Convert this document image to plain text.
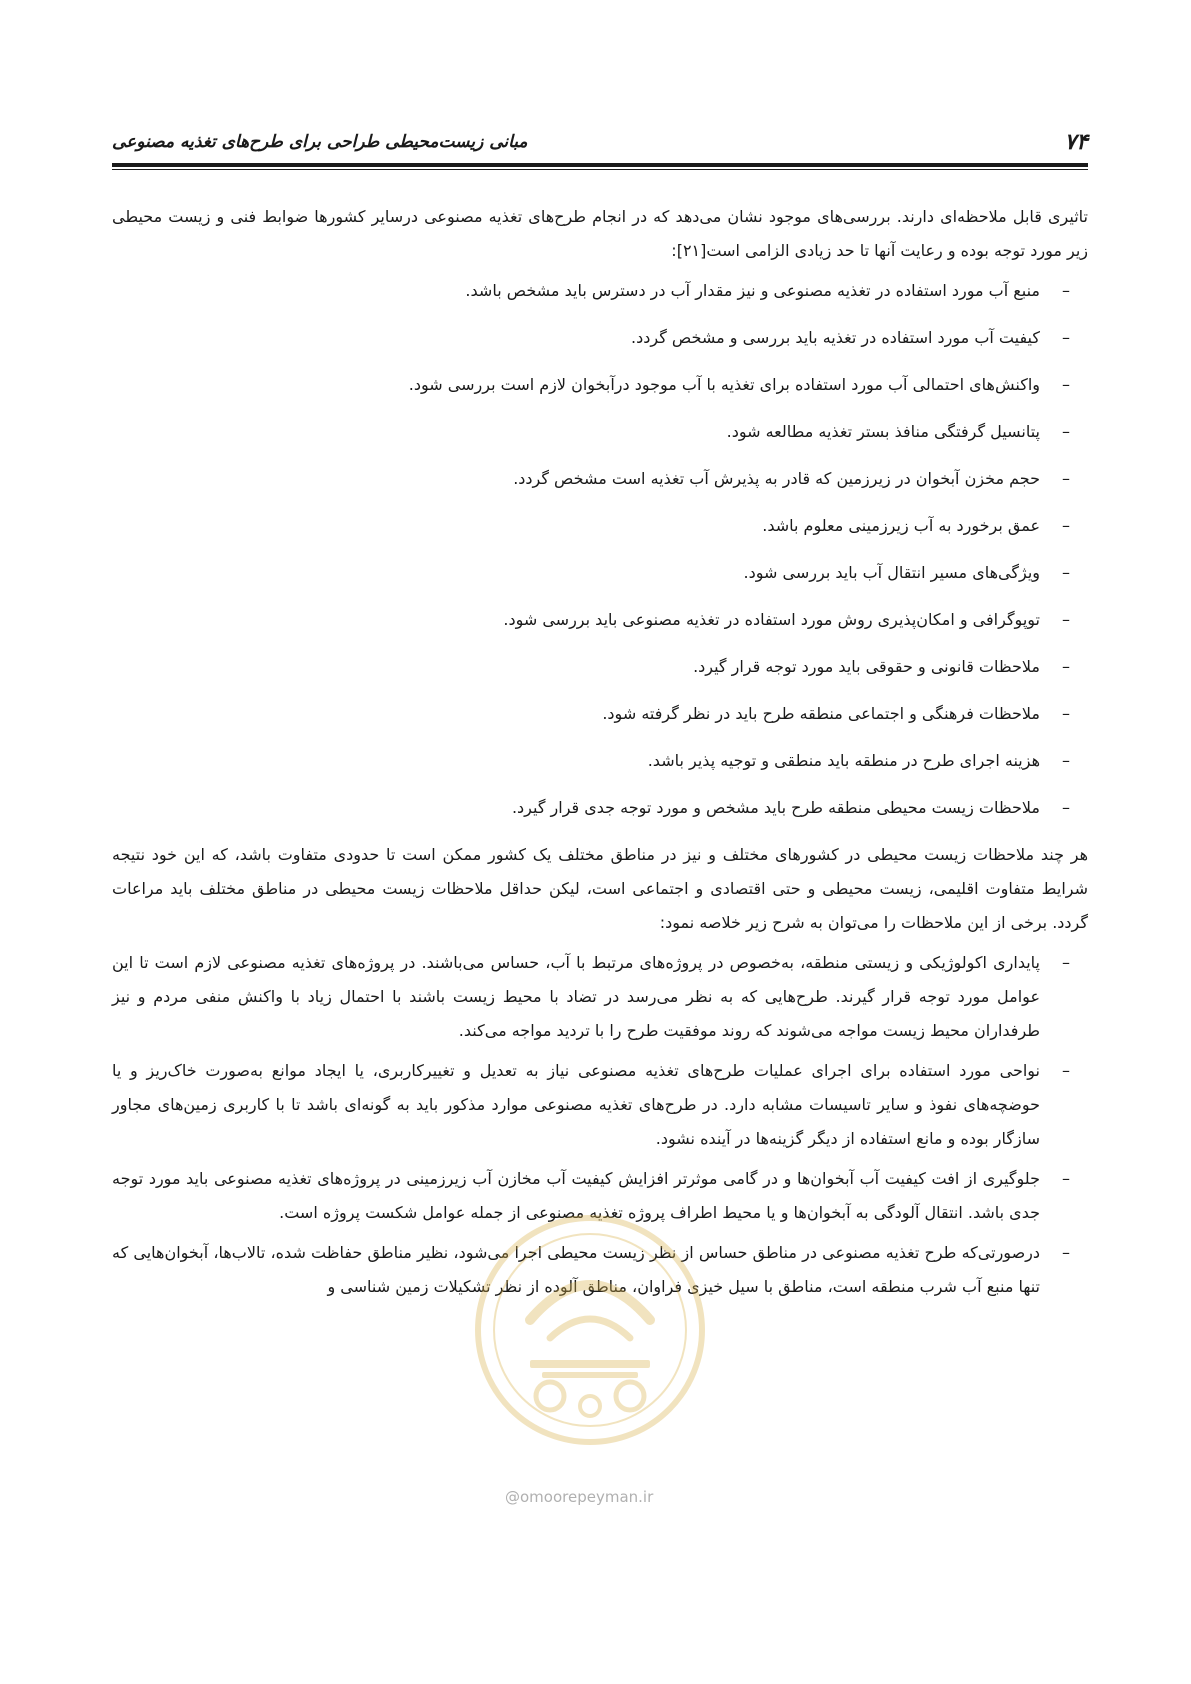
۷۴
مبانی زیست‌محیطی طراحی برای طرح‌های تغذیه مصنوعی

تاثیری قابل ملاحظه‌ای دارند. بررسی‌های موجود نشان می‌دهد که در انجام طرح‌های تغذیه مصنوعی درسایر کشورها ضوابط فنی و زیست محیطی زیر مورد توجه بوده و رعایت آنها تا حد زیادی الزامی است[۲۱]:

–
منبع آب مورد استفاده در تغذیه مصنوعی و نیز مقدار آب در دسترس باید مشخص باشد.
–
کیفیت آب مورد استفاده در تغذیه باید بررسی و مشخص گردد.
–
واکنش‌های احتمالی آب مورد استفاده برای تغذیه با آب موجود درآبخوان لازم است بررسی شود.
–
پتانسیل گرفتگی منافذ بستر تغذیه مطالعه شود.
–
حجم مخزن آبخوان در زیرزمین که قادر به پذیرش آب تغذیه است مشخص گردد.
–
عمق برخورد به آب زیرزمینی معلوم باشد.
–
ویژگی‌های مسیر انتقال آب باید بررسی شود.
–
توپوگرافی و امکان‌پذیری روش مورد استفاده در تغذیه مصنوعی باید بررسی شود.
–
ملاحظات قانونی و حقوقی باید مورد توجه قرار گیرد.
–
ملاحظات فرهنگی و اجتماعی منطقه طرح باید در نظر گرفته شود.
–
هزینه اجرای طرح در منطقه باید منطقی و توجیه پذیر باشد.
–
ملاحظات زیست محیطی منطقه طرح باید مشخص و مورد توجه جدی قرار گیرد.

هر چند ملاحظات زیست محیطی در کشورهای مختلف و نیز در مناطق مختلف یک کشور ممکن است تا حدودی متفاوت باشد، که این خود نتیجه شرایط متفاوت اقلیمی، زیست محیطی و حتی اقتصادی و اجتماعی است، لیکن حداقل ملاحظات زیست محیطی در مناطق مختلف باید مراعات گردد. برخی از این ملاحظات را می‌توان به شرح زیر خلاصه نمود:

–
پایداری اکولوژیکی و زیستی منطقه، به‌خصوص در پروژه‌های مرتبط با آب، حساس می‌باشند. در پروژه‌های تغذیه مصنوعی لازم است تا این عوامل مورد توجه قرار گیرند. طرح‌هایی که به نظر می‌رسد در تضاد با محیط زیست باشند با احتمال زیاد با واکنش منفی مردم و نیز طرفداران محیط زیست مواجه می‌شوند که روند موفقیت طرح را با تردید مواجه می‌کند.
–
نواحی مورد استفاده برای اجرای عملیات طرح‌های تغذیه مصنوعی نیاز به تعدیل و تغییرکاربری، یا ایجاد موانع به‌صورت خاک‌ریز و یا حوضچه‌های نفوذ و سایر تاسیسات مشابه دارد. در طرح‌های تغذیه مصنوعی موارد مذکور باید به گونه‌ای باشد تا با کاربری زمین‌های مجاور سازگار بوده و مانع استفاده از دیگر گزینه‌ها در آینده نشود.
–
جلوگیری از افت کیفیت آب آبخوان‌ها و در گامی موثرتر افزایش کیفیت آب مخازن آب زیرزمینی در پروژه‌های تغذیه مصنوعی باید مورد توجه جدی باشد. انتقال آلودگی به آبخوان‌ها و یا محیط اطراف پروژه تغذیه مصنوعی از جمله عوامل شکست پروژه است.
–
درصورتی‌که طرح تغذیه مصنوعی در مناطق حساس از نظر زیست محیطی اجرا می‌شود، نظیر مناطق حفاظت شده، تالاب‌ها، آبخوان‌هایی که تنها منبع آب شرب منطقه است، مناطق با سیل خیزی فراوان، مناطق آلوده از نظر تشکیلات زمین شناسی و
@omoorepeyman.ir
